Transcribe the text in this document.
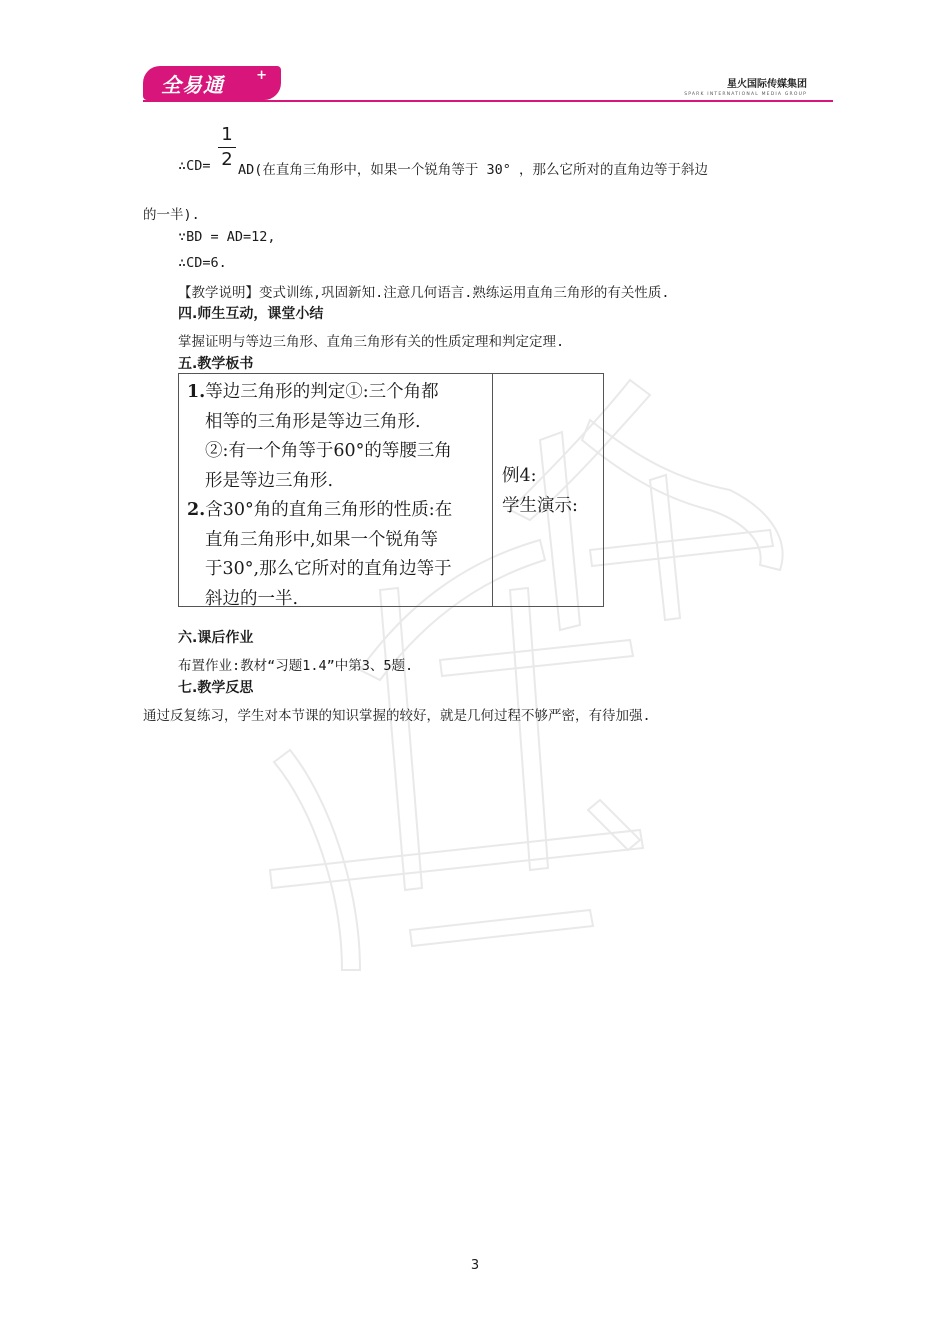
全易通 +
星火国际传媒集团
SPARK INTERNATIONAL MEDIA GROUP
1
2
∴CD= AD(在直角三角形中，如果一个锐角等于 30° ，那么它所对的直角边等于斜边
的一半).
∵BD = AD=12,
∴CD=6.
【教学说明】变式训练,巩固新知.注意几何语言.熟练运用直角三角形的有关性质.
四.师生互动，课堂小结
掌握证明与等边三角形、直角三角形有关的性质定理和判定定理.
五.教学板书
1.等边三角形的判定①:三个角都
相等的三角形是等边三角形.
②:有一个角等于60°的等腰三角
形是等边三角形.
2.含30°角的直角三角形的性质:在
直角三角形中,如果一个锐角等
于30°,那么它所对的直角边等于
斜边的一半.
例4:
学生演示:
六.课后作业
布置作业:教材“习题1.4”中第3、5题.
七.教学反思
通过反复练习，学生对本节课的知识掌握的较好，就是几何过程不够严密，有待加强.
3
